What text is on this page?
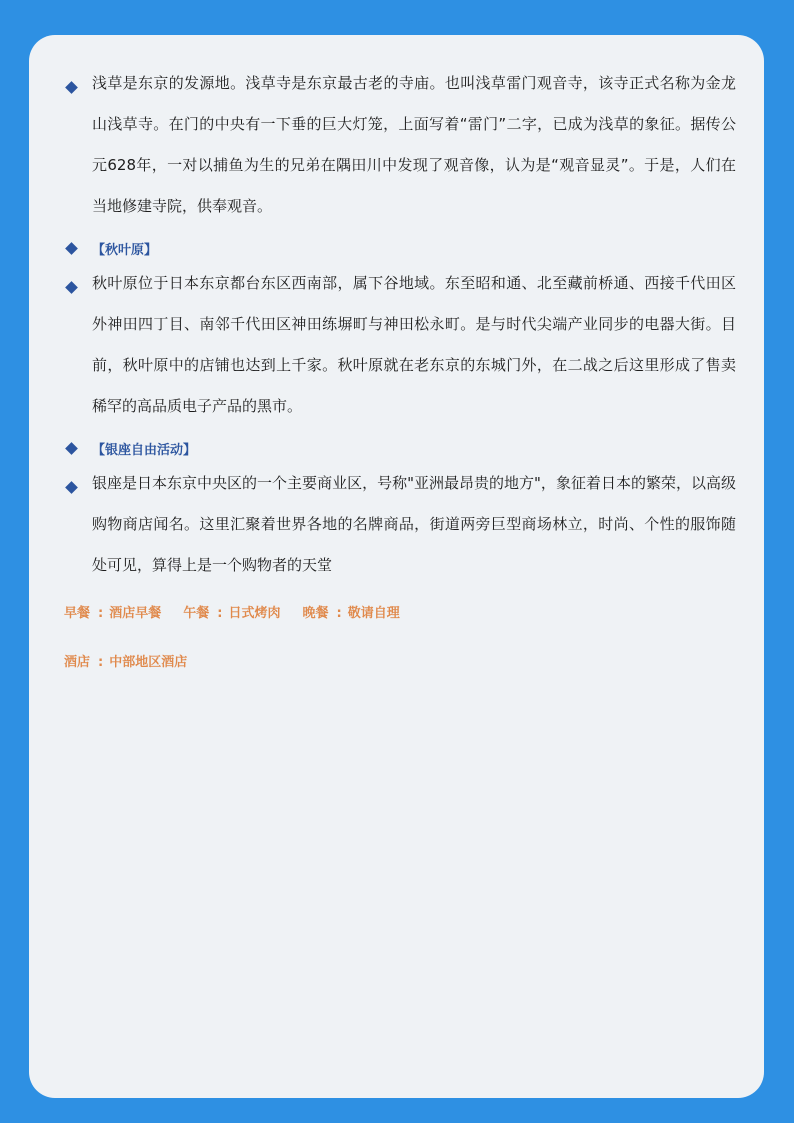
浅草是东京的发源地。浅草寺是东京最古老的寺庙。也叫浅草雷门观音寺，该寺正式名称为金龙山浅草寺。在门的中央有一下垂的巨大灯笼，上面写着“雷门”二字，已成为浅草的象征。据传公元628年，一对以捕鱼为生的兄弟在隅田川中发现了观音像，认为是“观音显灵”。于是，人们在当地修建寺院，供奉观音。

【秋叶原】

秋叶原位于日本东京都台东区西南部，属下谷地域。东至昭和通、北至藏前桥通、西接千代田区外神田四丁目、南邻千代田区神田练塀町与神田松永町。是与时代尖端产业同步的电器大街。目前，秋叶原中的店铺也达到上千家。秋叶原就在老东京的东城门外，在二战之后这里形成了售卖稀罕的高品质电子产品的黑市。

【银座自由活动】

银座是日本东京中央区的一个主要商业区，号称"亚洲最昂贵的地方"，象征着日本的繁荣，以高级购物商店闻名。这里汇聚着世界各地的名牌商品，街道两旁巨型商场林立，时尚、个性的服饰随处可见，算得上是一个购物者的天堂

早餐 : 酒店早餐 午餐 : 日式烤肉 晚餐 : 敬请自理
酒店 : 中部地区酒店
